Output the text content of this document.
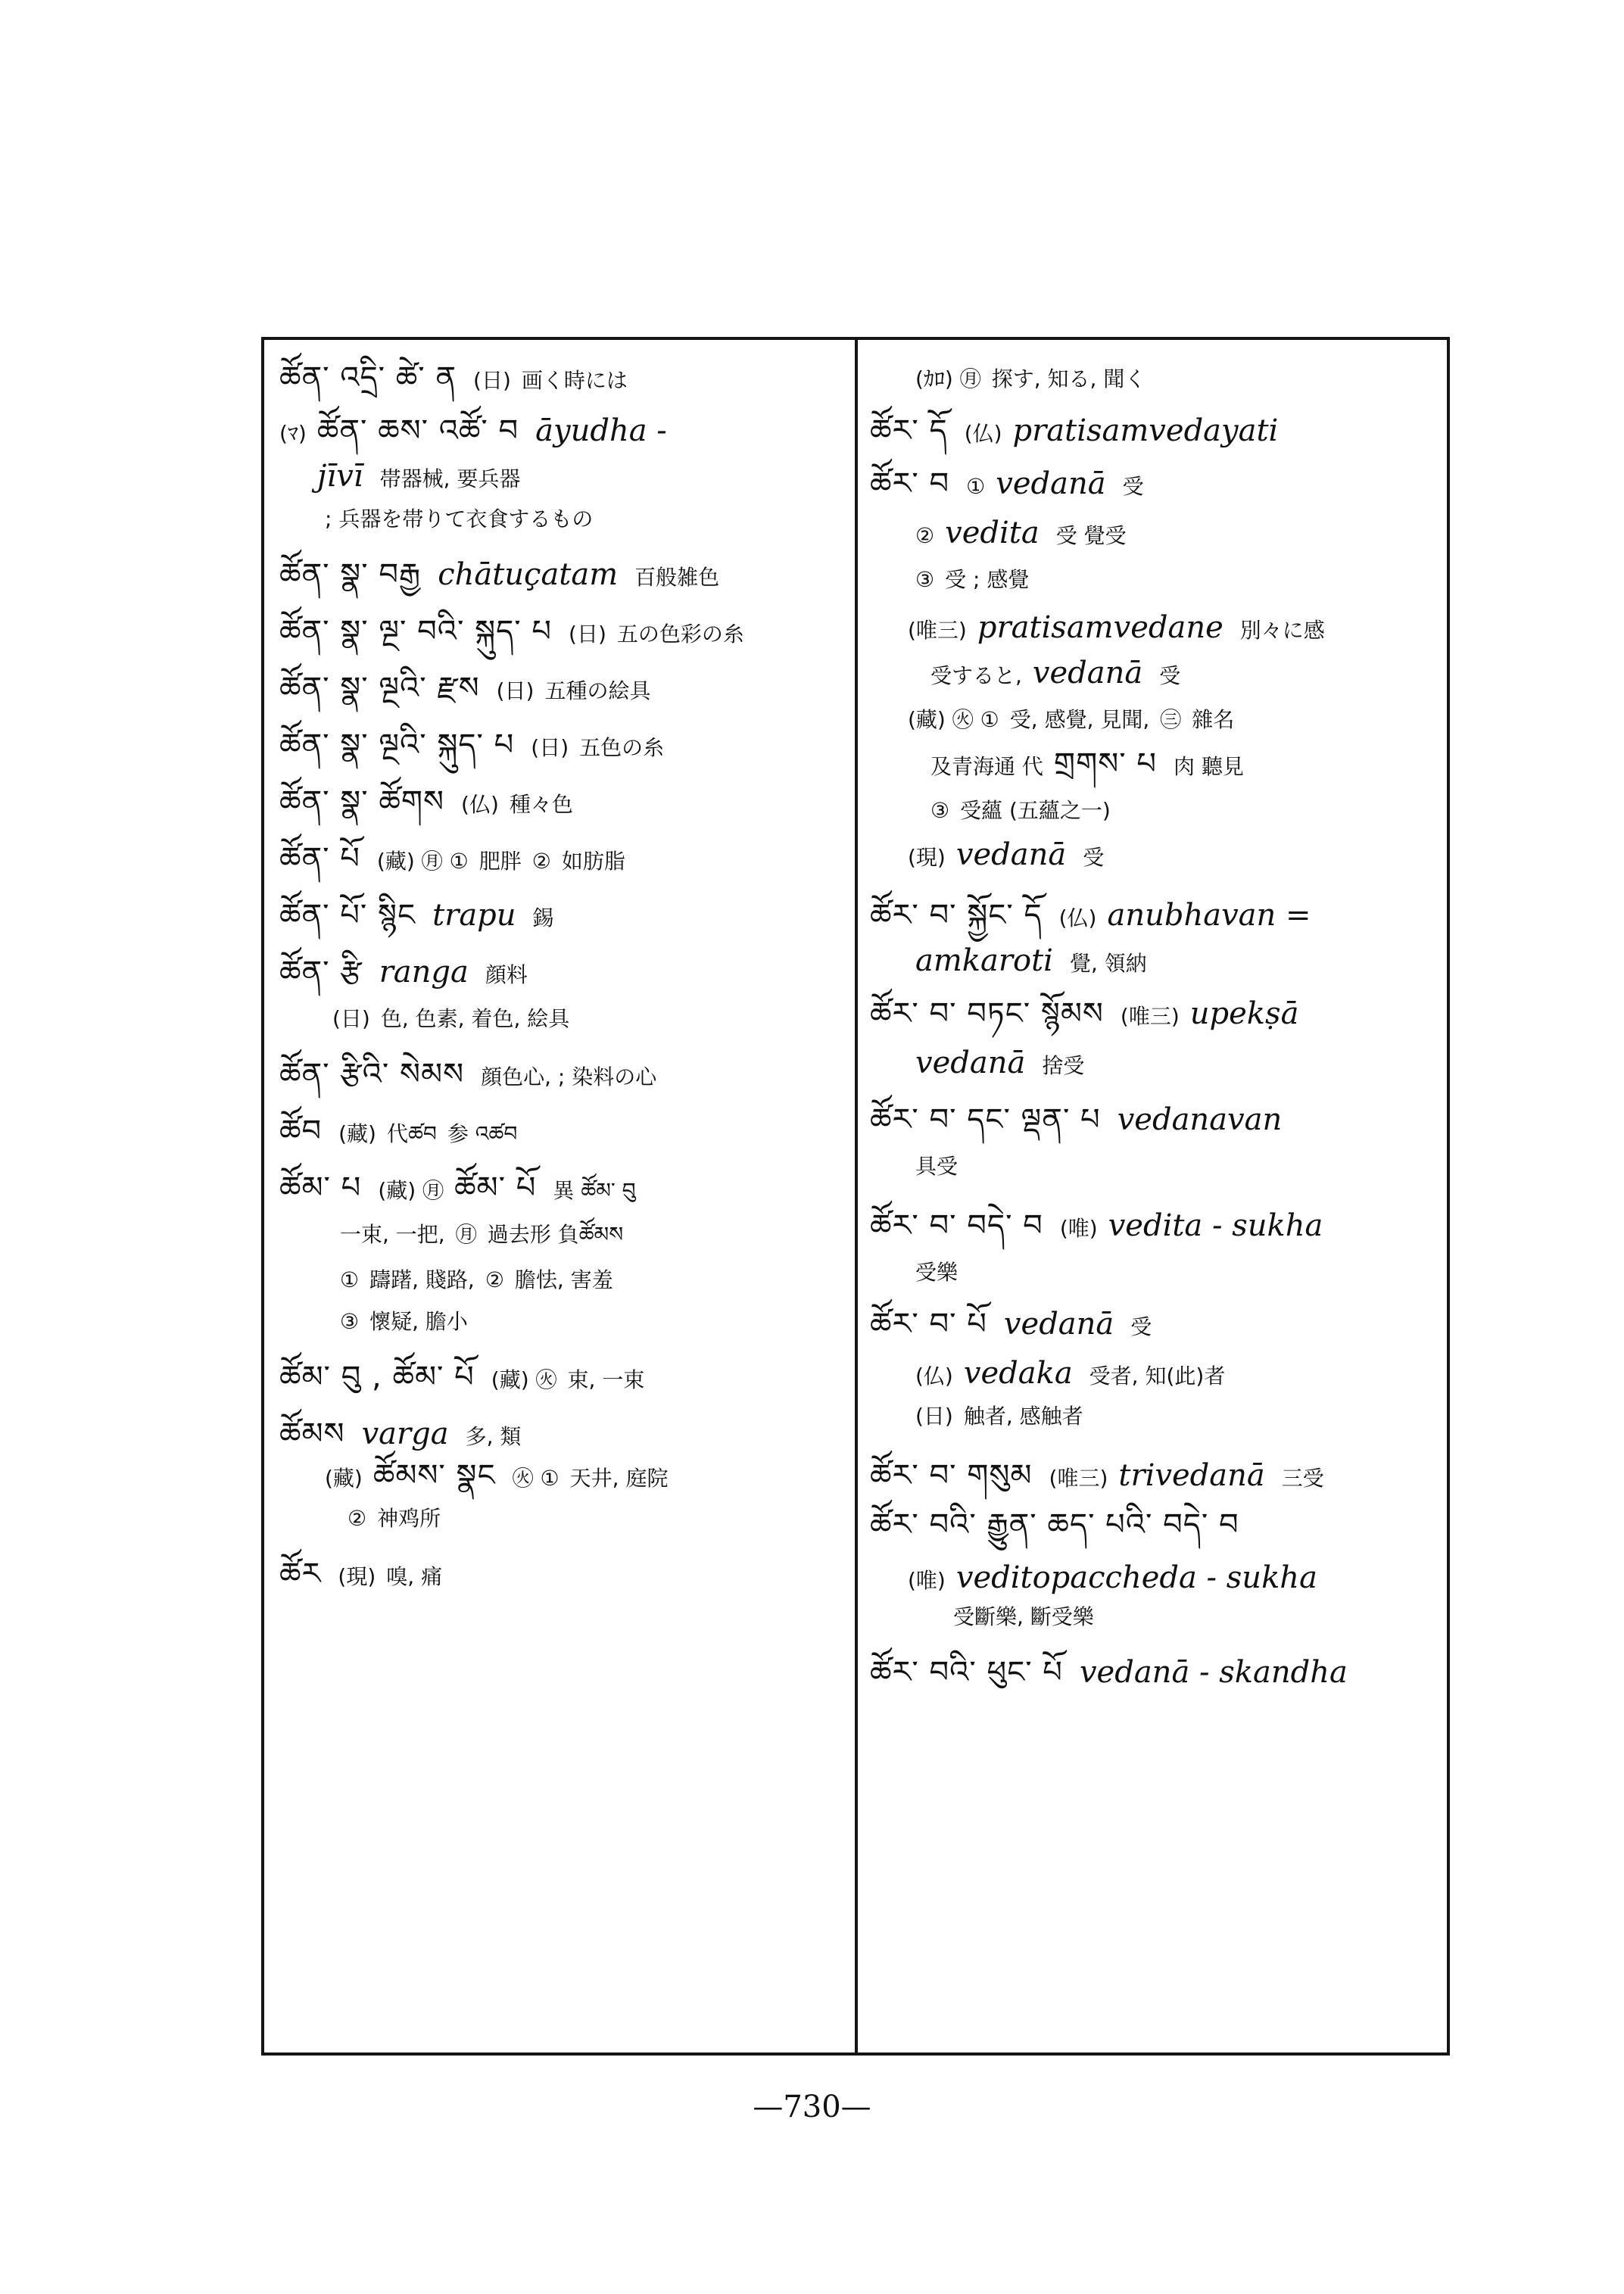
ཚོན་ འདྲི་ ཚེ་ ན (日) 画く時には
(ﾏ) ཚོན་ ཆས་ འཚོ་ བ āyudha -
jīvī 帯器械, 要兵器
; 兵器を帯りて衣食するもの
ཚོན་ སྣ་ བརྒྱ chātuçatam 百般雑色
ཚོན་ སྣ་ ལྔ་ བའི་ སྐུད་ པ (日) 五の色彩の糸
ཚོན་ སྣ་ ལྔའི་ རྫས (日) 五種の絵具
ཚོན་ སྣ་ ལྔའི་ སྐུད་ པ (日) 五色の糸
ཚོན་ སྣ་ ཚོགས (仏) 種々色
ཚོན་ པོ (藏) ㊊ ① 肥胖 ② 如肪脂
ཚོན་ པོ་ སྙིང trapu 錫
ཚོན་ རྩི ranga 顔料
(日) 色, 色素, 着色, 絵具
ཚོན་ རྩིའི་ སེམས 顔色心, ; 染料の心
ཚོབ (藏) 代ཚབ 参 འཚབ
ཚོམ་ པ (藏) ㊊ ཚོམ་ པོ 異 ཚོམ་ བུ
一束, 一把, ㊊ 過去形 負ཚོམས
① 躊躇, 賤路, ② 膽怯, 害羞
③ 懷疑, 膽小
ཚོམ་ བུ , ཚོམ་ པོ (藏) ㊋ 束, 一束
ཚོམས varga 多, 類
(藏) ཚོམས་ སྣང ㊋ ① 天井, 庭院
② 神鸡所
ཚོར (現) 嗅, 痛
(ｶﾛ) ㊊ 探す, 知る, 聞く
ཚོར་ དོ (仏) pratisamvedayati
ཚོར་ བ ① vedanā 受
② vedita 受 覺受
③ 受 ; 感覺
(唯三) pratisamvedane 別々に感
受すると, vedanā 受
(藏) ㊋ ① 受, 感覺, 見聞, ㊂ 雜名
及青海通 代 གྲགས་ པ 肉 聽見
③ 受蘊 (五蘊之一)
(現) vedanā 受
ཚོར་ བ་ སྐྱོང་ དོ (仏) anubhavan =
amkaroti 覺, 領納
ཚོར་ བ་ བཏང་ སྙོམས (唯三) upekṣā
vedanā 捨受
ཚོར་ བ་ དང་ ལྡན་ པ vedanavan
具受
ཚོར་ བ་ བདེ་ བ (唯) vedita - sukha
受樂
ཚོར་ བ་ པོ vedanā 受
(仏) vedaka 受者, 知(此)者
(日) 触者, 感触者
ཚོར་ བ་ གསུམ (唯三) trivedanā 三受
ཚོར་ བའི་ རྒྱུན་ ཆད་ པའི་ བདེ་ བ
(唯) veditopaccheda - sukha
受斷樂, 斷受樂
ཚོར་ བའི་ ཕུང་ པོ vedanā - skandha
—730—
